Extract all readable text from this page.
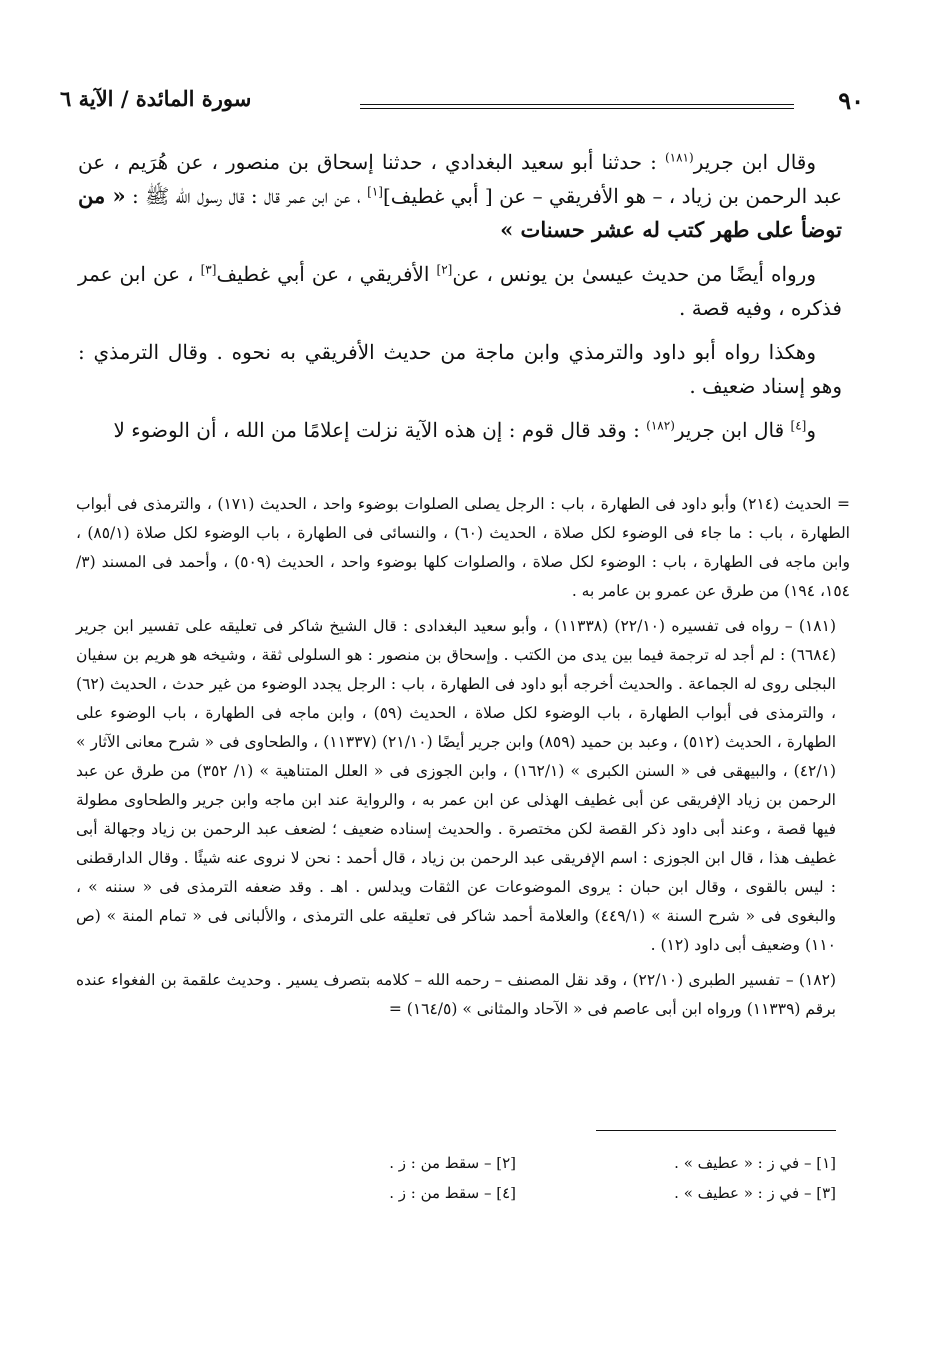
٩٠
سورة المائدة / الآية ٦

وقال ابن جرير$^{(١٨١)}$ : حدثنا أبو سعيد البغدادي ، حدثنا إسحاق بن منصور ، عن هُرَيم ، عن عبد الرحمن بن زياد ، – هو الأفريقي – عن [ أبي غطيف][١] ، عن ابن عمر قال : قال رسول الله ﷺ : « من توضأ على طهر كتب له عشر حسنات »

ورواه أيضًا من حديث عيسىٰ بن يونس ، عن[٢] الأفريقي ، عن أبي غطيف[٣] ، عن ابن عمر فذكره ، وفيه قصة .

وهكذا رواه أبو داود والترمذي وابن ماجة من حديث الأفريقي به نحوه . وقال الترمذي : وهو إسناد ضعيف .

و[٤] قال ابن جرير$^{(١٨٢)}$ : وقد قال قوم : إن هذه الآية نزلت إعلامًا من الله ، أن الوضوء لا

= الحديث (٢١٤) وأبو داود فى الطهارة ، باب : الرجل يصلى الصلوات بوضوء واحد ، الحديث (١٧١) ، والترمذى فى أبواب الطهارة ، باب : ما جاء فى الوضوء لكل صلاة ، الحديث (٦٠) ، والنسائى فى الطهارة ، باب الوضوء لكل صلاة (٨٥/١) ، وابن ماجه فى الطهارة ، باب : الوضوء لكل صلاة ، والصلوات كلها بوضوء واحد ، الحديث (٥٠٩) ، وأحمد فى المسند (٣/ ١٥٤، ١٩٤) من طرق عن عمرو بن عامر به .

(١٨١) –رواه فى تفسيره (٢٢/١٠) (١١٣٣٨) ، وأبو سعيد البغدادى : قال الشيخ شاكر فى تعليقه على تفسير ابن جرير (٦٦٨٤) : لم أجد له ترجمة فيما بين يدى من الكتب . وإسحاق بن منصور : هو السلولى ثقة ، وشيخه هو هريم بن سفيان البجلى روى له الجماعة . والحديث أخرجه أبو داود فى الطهارة ، باب : الرجل يجدد الوضوء من غير حدث ، الحديث (٦٢) ، والترمذى فى أبواب الطهارة ، باب الوضوء لكل صلاة ، الحديث (٥٩) ، وابن ماجه فى الطهارة ، باب الوضوء على الطهارة ، الحديث (٥١٢) ، وعبد بن حميد (٨٥٩) وابن جرير أيضًا (٢١/١٠) (١١٣٣٧) ، والطحاوى فى « شرح معانى الآثار » (٤٢/١) ، والبيهقى فى « السنن الكبرى » (١٦٢/١) ، وابن الجوزى فى « العلل المتناهية » (١/ ٣٥٢) من طرق عن عبد الرحمن بن زياد الإفريقى عن أبى غطيف الهذلى عن ابن عمر به ، والرواية عند ابن ماجه وابن جرير والطحاوى مطولة فيها قصة ، وعند أبى داود ذكر القصة لكن مختصرة . والحديث إسناده ضعيف ؛ لضعف عبد الرحمن بن زياد وجهالة أبى غطيف هذا ، قال ابن الجوزى : اسم الإفريقى عبد الرحمن بن زياد ، قال أحمد : نحن لا نروى عنه شيئًا . وقال الدارقطنى : ليس بالقوى ، وقال ابن حبان : يروى الموضوعات عن الثقات ويدلس . اهـ . وقد ضعفه الترمذى فى « سننه » ، والبغوى فى « شرح السنة » (٤٤٩/١) والعلامة أحمد شاكر فى تعليقه على الترمذى ، والألبانى فى « تمام المنة » (ص ١١٠) وضعيف أبى داود (١٢) .

(١٨٢) –تفسير الطبرى (٢٢/١٠) ، وقد نقل المصنف – رحمه الله – كلامه بتصرف يسير . وحديث علقمة بن الفغواء عنده برقم (١١٣٣٩) ورواه ابن أبى عاصم فى « الآحاد والمثانى » (١٦٤/٥) =

[١] – في ز : « عطيف » .
[٢] – سقط من : ز .
[٣] – في ز : « عطيف » .
[٤] – سقط من : ز .
